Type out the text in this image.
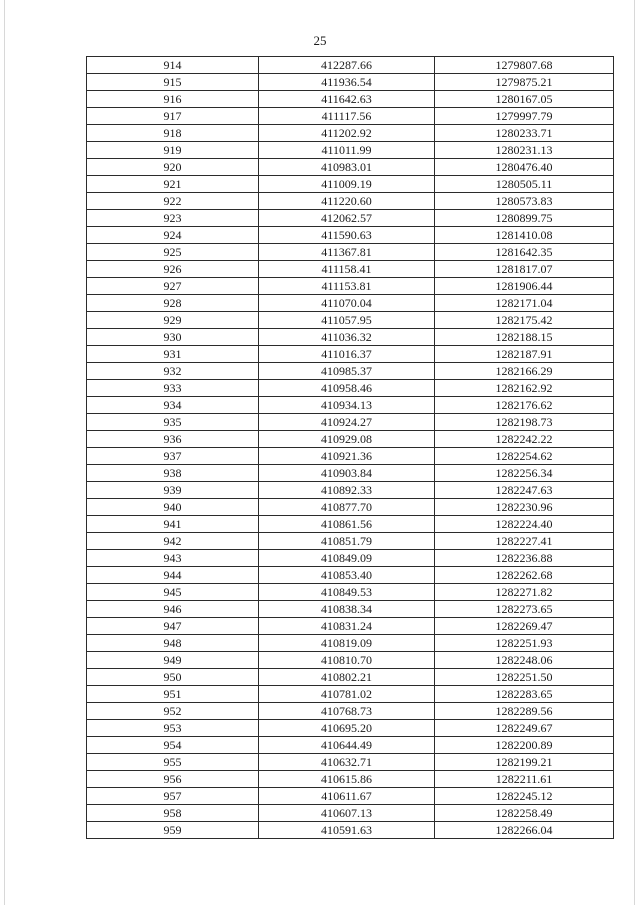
25
914	412287.66	1279807.68
915	411936.54	1279875.21
916	411642.63	1280167.05
917	411117.56	1279997.79
918	411202.92	1280233.71
919	411011.99	1280231.13
920	410983.01	1280476.40
921	411009.19	1280505.11
922	411220.60	1280573.83
923	412062.57	1280899.75
924	411590.63	1281410.08
925	411367.81	1281642.35
926	411158.41	1281817.07
927	411153.81	1281906.44
928	411070.04	1282171.04
929	411057.95	1282175.42
930	411036.32	1282188.15
931	411016.37	1282187.91
932	410985.37	1282166.29
933	410958.46	1282162.92
934	410934.13	1282176.62
935	410924.27	1282198.73
936	410929.08	1282242.22
937	410921.36	1282254.62
938	410903.84	1282256.34
939	410892.33	1282247.63
940	410877.70	1282230.96
941	410861.56	1282224.40
942	410851.79	1282227.41
943	410849.09	1282236.88
944	410853.40	1282262.68
945	410849.53	1282271.82
946	410838.34	1282273.65
947	410831.24	1282269.47
948	410819.09	1282251.93
949	410810.70	1282248.06
950	410802.21	1282251.50
951	410781.02	1282283.65
952	410768.73	1282289.56
953	410695.20	1282249.67
954	410644.49	1282200.89
955	410632.71	1282199.21
956	410615.86	1282211.61
957	410611.67	1282245.12
958	410607.13	1282258.49
959	410591.63	1282266.04
